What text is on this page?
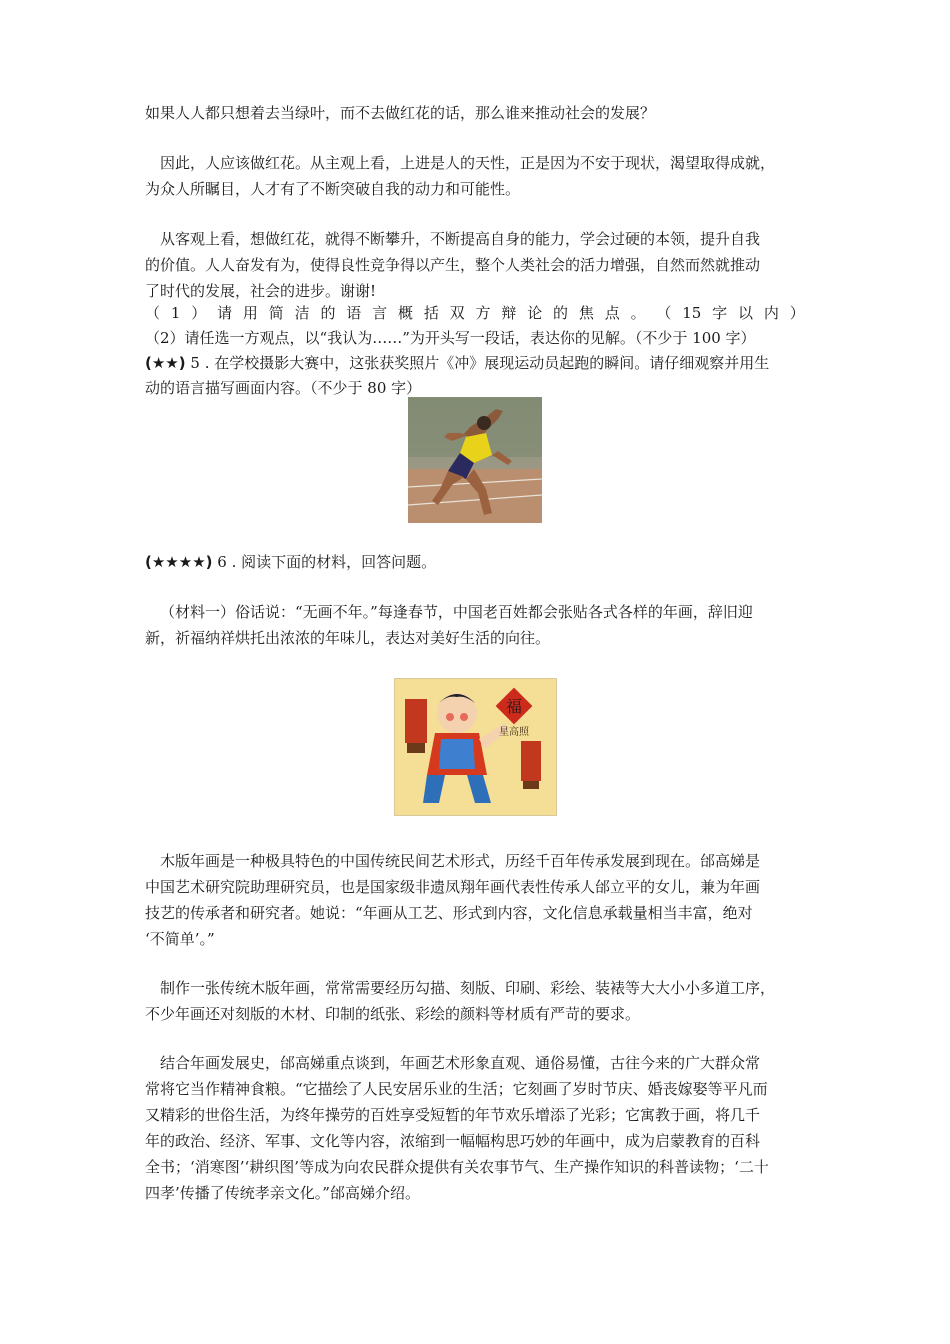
如果人人都只想着去当绿叶，而不去做红花的话，那么谁来推动社会的发展？
因此，人应该做红花。从主观上看，上进是人的天性，正是因为不安于现状，渴望取得成就，
为众人所瞩目，人才有了不断突破自我的动力和可能性。
从客观上看，想做红花，就得不断攀升，不断提高自身的能力，学会过硬的本领，提升自我
的价值。人人奋发有为，使得良性竞争得以产生，整个人类社会的活力增强，自然而然就推动
了时代的发展，社会的进步。谢谢!
（ 1 ） 请 用 简 洁 的 语 言 概 括 双 方 辩 论 的 焦 点 。 （ 15 字 以 内 ）
（2）请任选一方观点，以“我认为……”为开头写一段话，表达你的见解。（不少于 100 字）
(★★) 5 . 在学校摄影大赛中，这张获奖照片《冲》展现运动员起跑的瞬间。请仔细观察并用生
动的语言描写画面内容。（不少于 80 字）
(★★★★) 6 . 阅读下面的材料，回答问题。
（材料一）俗话说：“无画不年。”每逢春节，中国老百姓都会张贴各式各样的年画，辞旧迎
新，祈福纳祥烘托出浓浓的年味儿，表达对美好生活的向往。
福
星高照
木版年画是一种极具特色的中国传统民间艺术形式，历经千百年传承发展到现在。邰高娣是
中国艺术研究院助理研究员，也是国家级非遗凤翔年画代表性传承人邰立平的女儿，兼为年画
技艺的传承者和研究者。她说：“年画从工艺、形式到内容，文化信息承载量相当丰富，绝对
‘不简单’。”
制作一张传统木版年画，常常需要经历勾描、刻版、印刷、彩绘、装裱等大大小小多道工序，
不少年画还对刻版的木材、印制的纸张、彩绘的颜料等材质有严苛的要求。
结合年画发展史，邰高娣重点谈到，年画艺术形象直观、通俗易懂，古往今来的广大群众常
常将它当作精神食粮。“它描绘了人民安居乐业的生活；它刻画了岁时节庆、婚丧嫁娶等平凡而
又精彩的世俗生活，为终年操劳的百姓享受短暂的年节欢乐增添了光彩；它寓教于画，将几千
年的政治、经济、军事、文化等内容，浓缩到一幅幅构思巧妙的年画中，成为启蒙教育的百科
全书；‘消寒图’‘耕织图’等成为向农民群众提供有关农事节气、生产操作知识的科普读物；‘二十
四孝’传播了传统孝亲文化。”邰高娣介绍。
